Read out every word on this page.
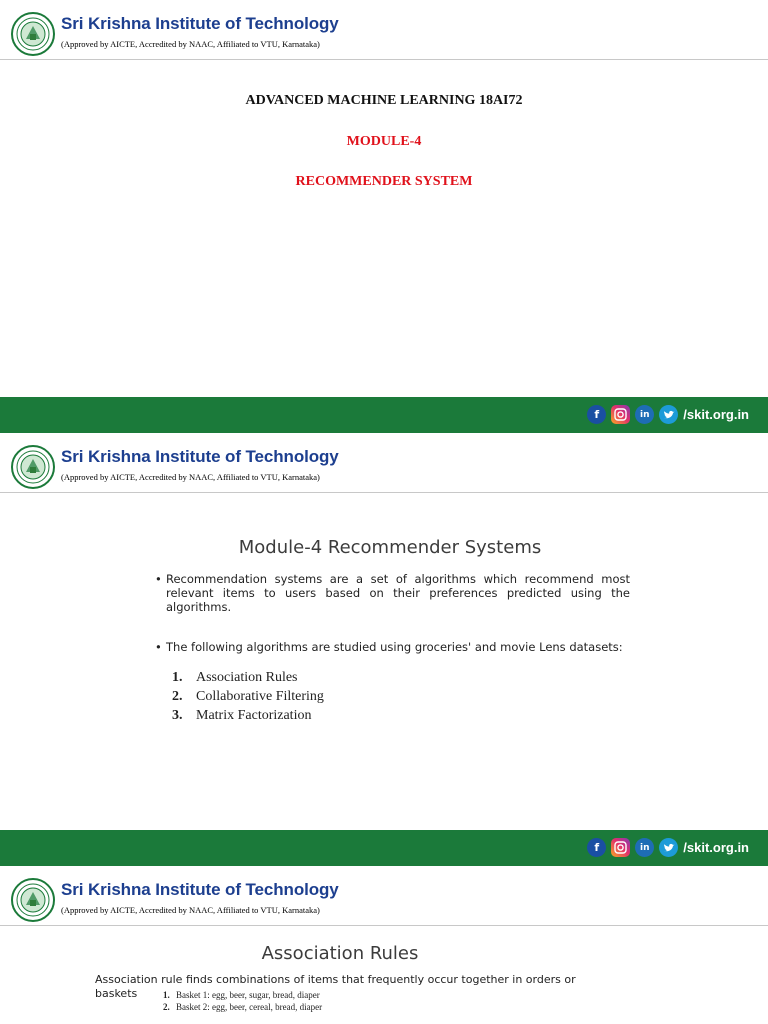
Sri Krishna Institute of Technology
(Approved by AICTE, Accredited by NAAC, Affiliated to VTU, Karnataka)
ADVANCED MACHINE LEARNING 18AI72
MODULE-4
RECOMMENDER SYSTEM
f	in	/skit.org.in
Sri Krishna Institute of Technology
(Approved by AICTE, Accredited by NAAC, Affiliated to VTU, Karnataka)
Module-4 Recommender Systems
• Recommendation systems are a set of algorithms which recommend most relevant items to users based on their preferences predicted using the algorithms.
• The following algorithms are studied using groceries' and movie Lens datasets:
1. Association Rules
2. Collaborative Filtering
3. Matrix Factorization
f	in	/skit.org.in
Sri Krishna Institute of Technology
(Approved by AICTE, Accredited by NAAC, Affiliated to VTU, Karnataka)
Association Rules
Association rule finds combinations of items that frequently occur together in orders or
baskets	1. Basket 1: egg, beer, sugar, bread, diaper
2. Basket 2: egg, beer, cereal, bread, diaper
